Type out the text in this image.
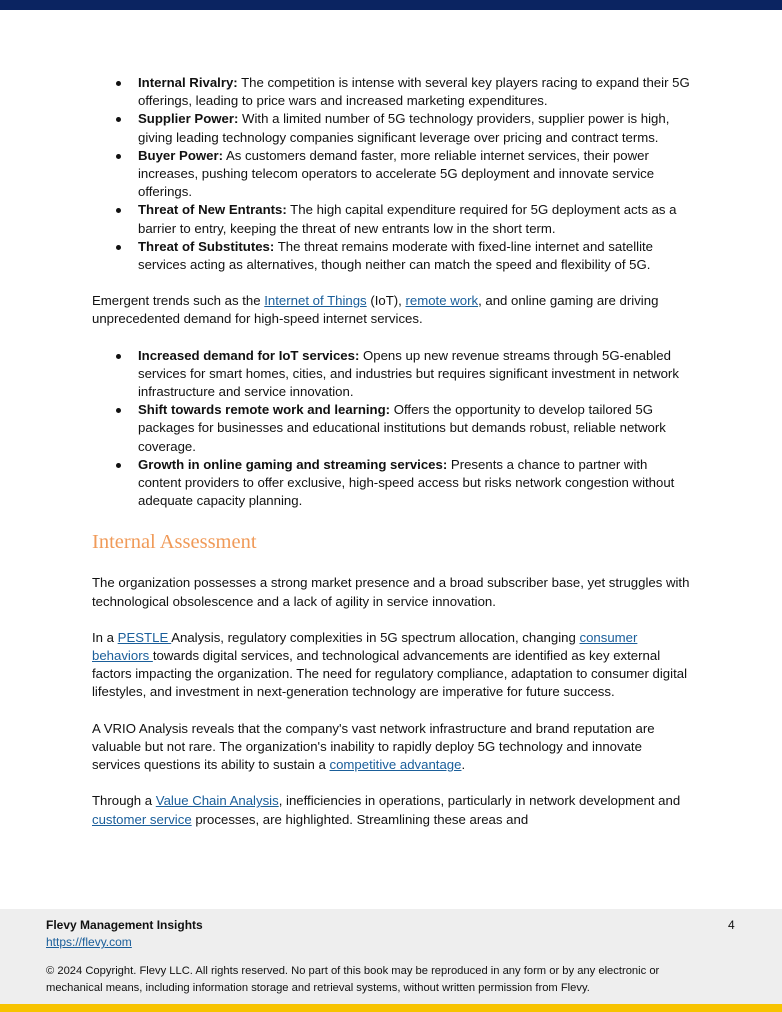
Internal Rivalry: The competition is intense with several key players racing to expand their 5G offerings, leading to price wars and increased marketing expenditures.
Supplier Power: With a limited number of 5G technology providers, supplier power is high, giving leading technology companies significant leverage over pricing and contract terms.
Buyer Power: As customers demand faster, more reliable internet services, their power increases, pushing telecom operators to accelerate 5G deployment and innovate service offerings.
Threat of New Entrants: The high capital expenditure required for 5G deployment acts as a barrier to entry, keeping the threat of new entrants low in the short term.
Threat of Substitutes: The threat remains moderate with fixed-line internet and satellite services acting as alternatives, though neither can match the speed and flexibility of 5G.

Emergent trends such as the Internet of Things (IoT), remote work, and online gaming are driving unprecedented demand for high-speed internet services.

Increased demand for IoT services: Opens up new revenue streams through 5G-enabled services for smart homes, cities, and industries but requires significant investment in network infrastructure and service innovation.
Shift towards remote work and learning: Offers the opportunity to develop tailored 5G packages for businesses and educational institutions but demands robust, reliable network coverage.
Growth in online gaming and streaming services: Presents a chance to partner with content providers to offer exclusive, high-speed access but risks network congestion without adequate capacity planning.
Internal Assessment

The organization possesses a strong market presence and a broad subscriber base, yet struggles with technological obsolescence and a lack of agility in service innovation.

In a PESTLE Analysis, regulatory complexities in 5G spectrum allocation, changing consumer behaviors towards digital services, and technological advancements are identified as key external factors impacting the organization. The need for regulatory compliance, adaptation to consumer digital lifestyles, and investment in next-generation technology are imperative for future success.

A VRIO Analysis reveals that the company's vast network infrastructure and brand reputation are valuable but not rare. The organization's inability to rapidly deploy 5G technology and innovate services questions its ability to sustain a competitive advantage.

Through a Value Chain Analysis, inefficiencies in operations, particularly in network development and customer service processes, are highlighted. Streamlining these areas and

Flevy Management Insights
https://flevy.com
4
© 2024 Copyright. Flevy LLC. All rights reserved. No part of this book may be reproduced in any form or by any electronic or mechanical means, including information storage and retrieval systems, without written permission from Flevy.
